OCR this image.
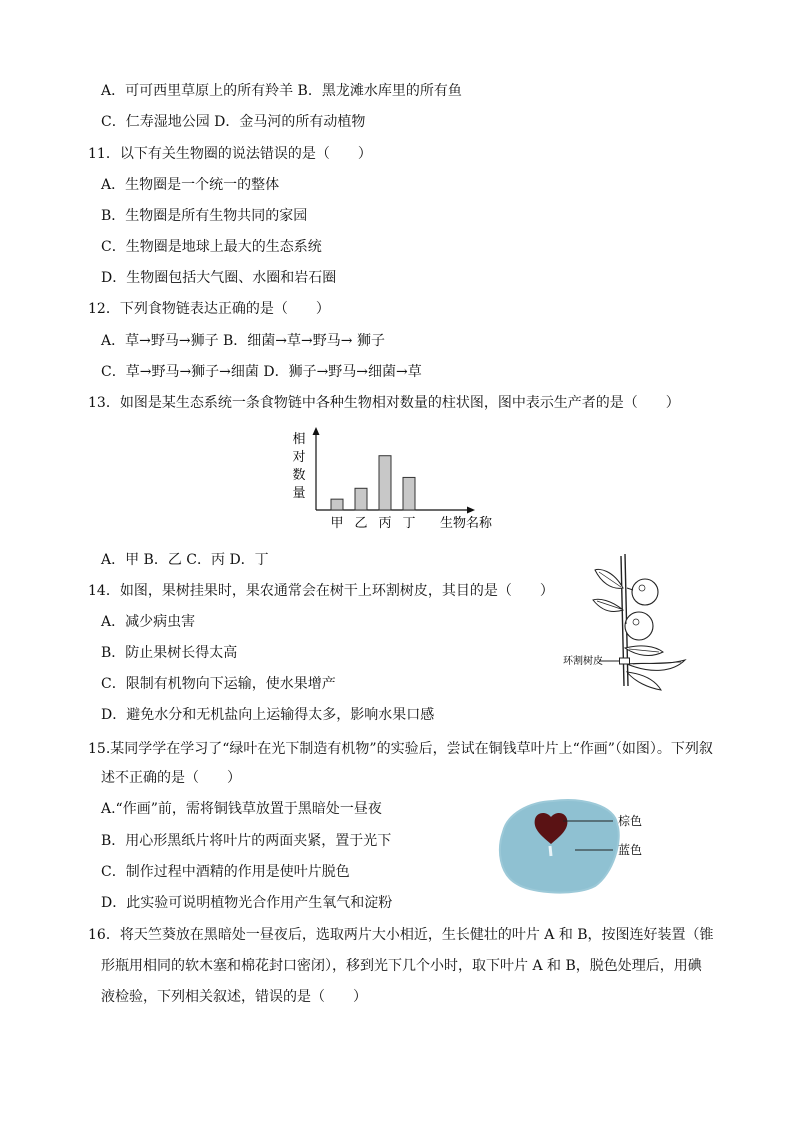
A．可可西里草原上的所有羚羊 B．黑龙滩水库里的所有鱼
C．仁寿湿地公园 D．金马河的所有动植物
11．以下有关生物圈的说法错误的是（　　）
A．生物圈是一个统一的整体
B．生物圈是所有生物共同的家园
C．生物圈是地球上最大的生态系统
D．生物圈包括大气圈、水圈和岩石圈
12．下列食物链表达正确的是（　　）
A．草→野马→狮子 B．细菌→草→野马→ 狮子
C．草→野马→狮子→细菌 D．狮子→野马→细菌→草
13．如图是某生态系统一条食物链中各种生物相对数量的柱状图，图中表示生产者的是（　　）
相
对
数
量
甲 乙 丙 丁 生物名称
A．甲 B．乙 C．丙 D．丁
14．如图，果树挂果时，果农通常会在树干上环割树皮，其目的是（　　）
A．减少病虫害
B．防止果树长得太高
C．限制有机物向下运输，使水果增产
D．避免水分和无机盐向上运输得太多，影响水果口感
环割树皮
15.某同学学在学习了“绿叶在光下制造有机物”的实验后，尝试在铜钱草叶片上“作画”（如图）。下列叙
述不正确的是（　　）
A.“作画”前，需将铜钱草放置于黑暗处一昼夜
B．用心形黑纸片将叶片的两面夹紧，置于光下
C．制作过程中酒精的作用是使叶片脱色
D．此实验可说明植物光合作用产生氧气和淀粉
棕色
蓝色
16．将天竺葵放在黑暗处一昼夜后，选取两片大小相近，生长健壮的叶片 A 和 B，按图连好装置（锥
形瓶用相同的软木塞和棉花封口密闭），移到光下几个小时，取下叶片 A 和 B，脱色处理后，用碘
液检验，下列相关叙述，错误的是（　　）
